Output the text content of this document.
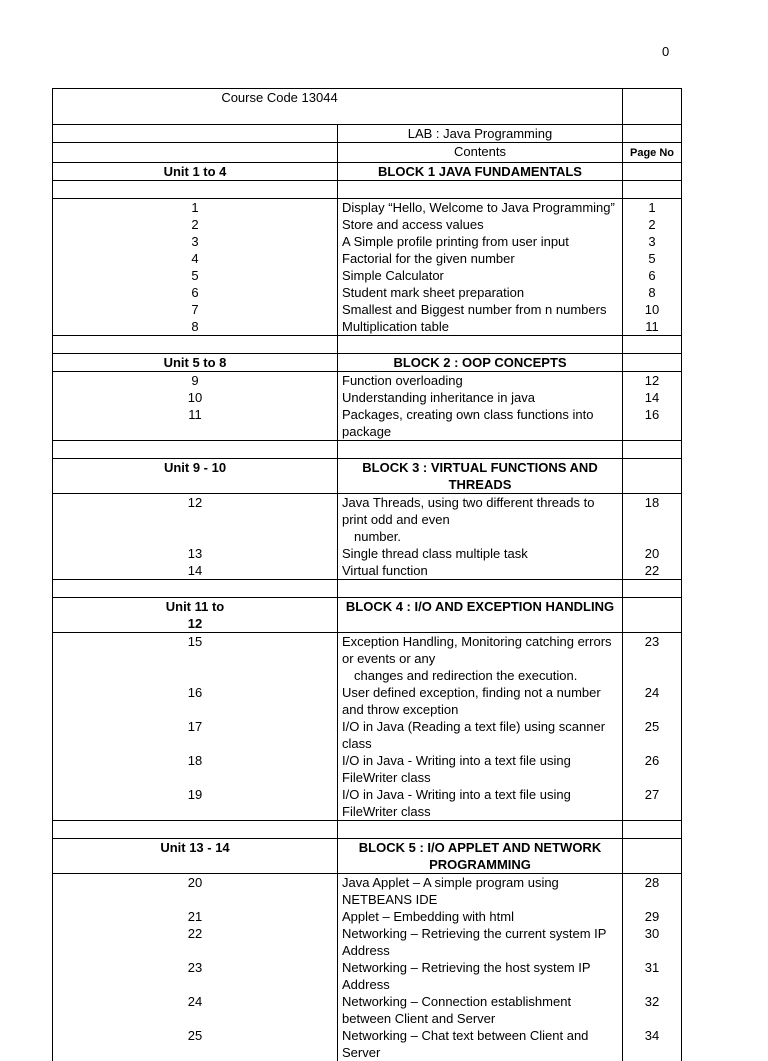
0
Course Code 13044		
	LAB : Java Programming	
	Contents	Page No
Unit 1 to 4	BLOCK 1 JAVA FUNDAMENTALS	

1	Display “Hello, Welcome to Java Programming”	1
2	Store and access values	2
3	A Simple profile printing from user input	3
4	Factorial for the given number	5
5	Simple Calculator	6
6	Student mark sheet preparation	8
7	Smallest and Biggest number from n numbers	10
8	Multiplication table	11

Unit 5 to 8	BLOCK 2 : OOP CONCEPTS	
9	Function overloading	12
10	Understanding inheritance in java	14
11	Packages, creating own class functions into package	16

Unit 9 - 10	BLOCK 3 : VIRTUAL FUNCTIONS AND THREADS	
12	Java Threads, using two different threads to print odd and even
number.	18
13	Single thread class multiple task	20
14	Virtual function	22

Unit 11 to
12	BLOCK 4 : I/O AND EXCEPTION HANDLING	
15	Exception Handling, Monitoring catching errors or events or any
changes and redirection the execution.	23
16	User defined exception, finding not a number and throw exception	24
17	I/O in Java (Reading a text file) using scanner class	25
18	I/O in Java - Writing into a text file using FileWriter class	26
19	I/O in Java - Writing into a text file using FileWriter class	27

Unit 13 - 14	BLOCK 5 : I/O APPLET AND NETWORK PROGRAMMING	
20	Java Applet – A simple program using NETBEANS IDE	28
21	Applet – Embedding with html	29
22	Networking – Retrieving the current system IP Address	30
23	Networking – Retrieving the host system IP Address	31
24	Networking – Connection establishment between Client and Server	32
25	Networking – Chat text between Client and Server	34
